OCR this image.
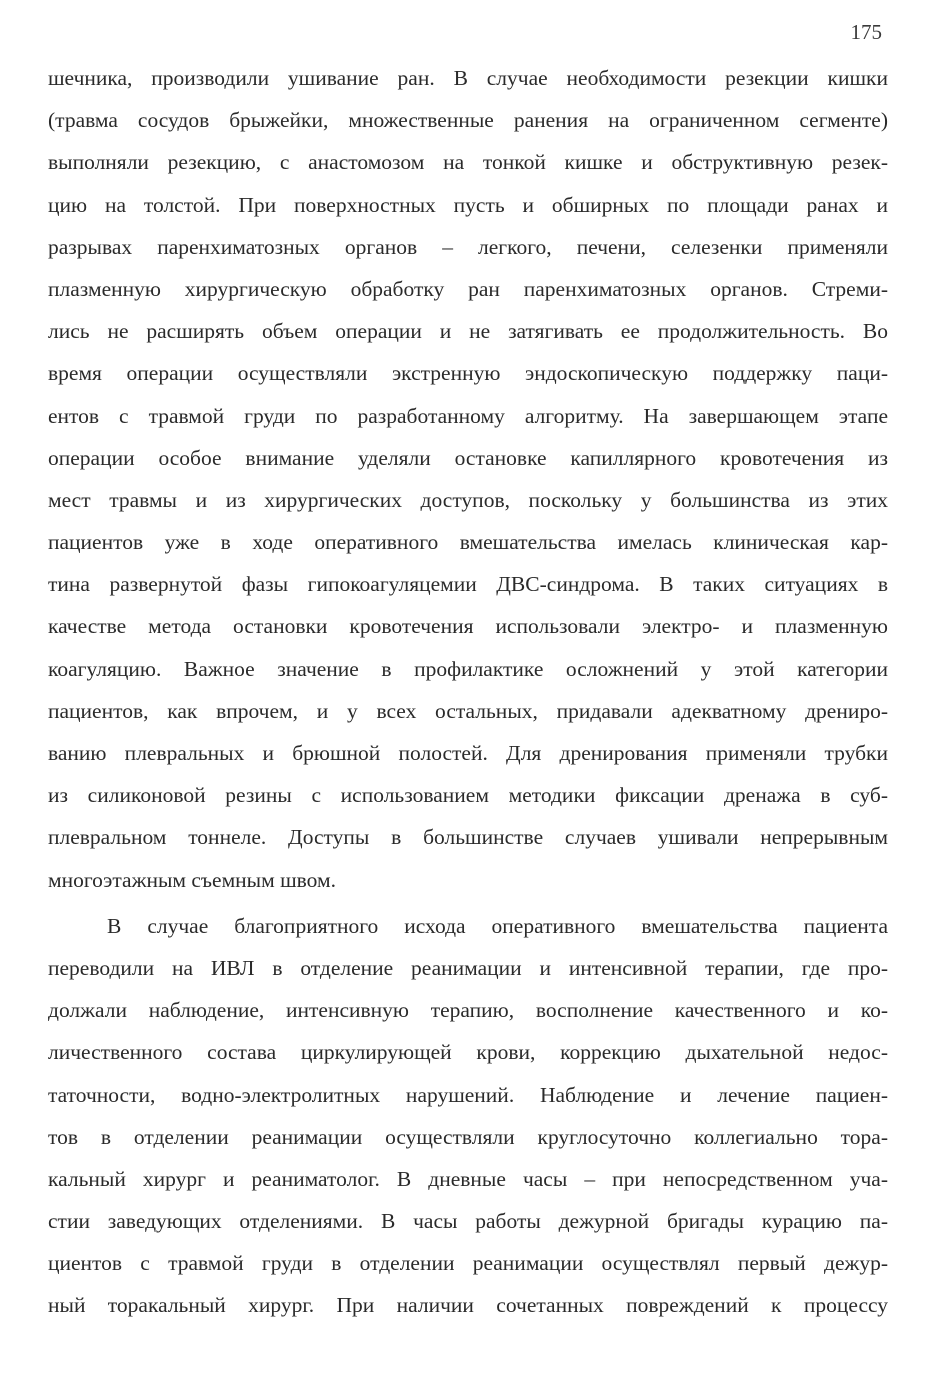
175
шечника, производили ушивание ран. В случае необходимости резекции кишки
(травма сосудов брыжейки, множественные ранения на ограниченном сегменте)
выполняли резекцию, с анастомозом на тонкой кишке и обструктивную резек-
цию на толстой. При поверхностных пусть и обширных по площади ранах и
разрывах паренхиматозных органов – легкого, печени, селезенки применяли
плазменную хирургическую обработку ран паренхиматозных органов. Стреми-
лись не расширять объем операции и не затягивать ее продолжительность. Во
время операции осуществляли экстренную эндоскопическую поддержку паци-
ентов с травмой груди по разработанному алгоритму. На завершающем этапе
операции особое внимание уделяли остановке капиллярного кровотечения из
мест травмы и из хирургических доступов, поскольку у большинства из этих
пациентов уже в ходе оперативного вмешательства имелась клиническая кар-
тина развернутой фазы гипокоагуляцемии ДВС-синдрома. В таких ситуациях в
качестве метода остановки кровотечения использовали электро- и плазменную
коагуляцию. Важное значение в профилактике осложнений у этой категории
пациентов, как впрочем, и у всех остальных, придавали адекватному дрениро-
ванию плевральных и брюшной полостей. Для дренирования применяли трубки
из силиконовой резины с использованием методики фиксации дренажа в суб-
плевральном тоннеле. Доступы в большинстве случаев ушивали непрерывным
многоэтажным съемным швом.
В случае благоприятного исхода оперативного вмешательства пациента
переводили на ИВЛ в отделение реанимации и интенсивной терапии, где про-
должали наблюдение, интенсивную терапию, восполнение качественного и ко-
личественного состава циркулирующей крови, коррекцию дыхательной недос-
таточности, водно-электролитных нарушений. Наблюдение и лечение пациен-
тов в отделении реанимации осуществляли круглосуточно коллегиально тора-
кальный хирург и реаниматолог. В дневные часы – при непосредственном уча-
стии заведующих отделениями. В часы работы дежурной бригады курацию па-
циентов с травмой груди в отделении реанимации осуществлял первый дежур-
ный торакальный хирург. При наличии сочетанных повреждений к процессу
